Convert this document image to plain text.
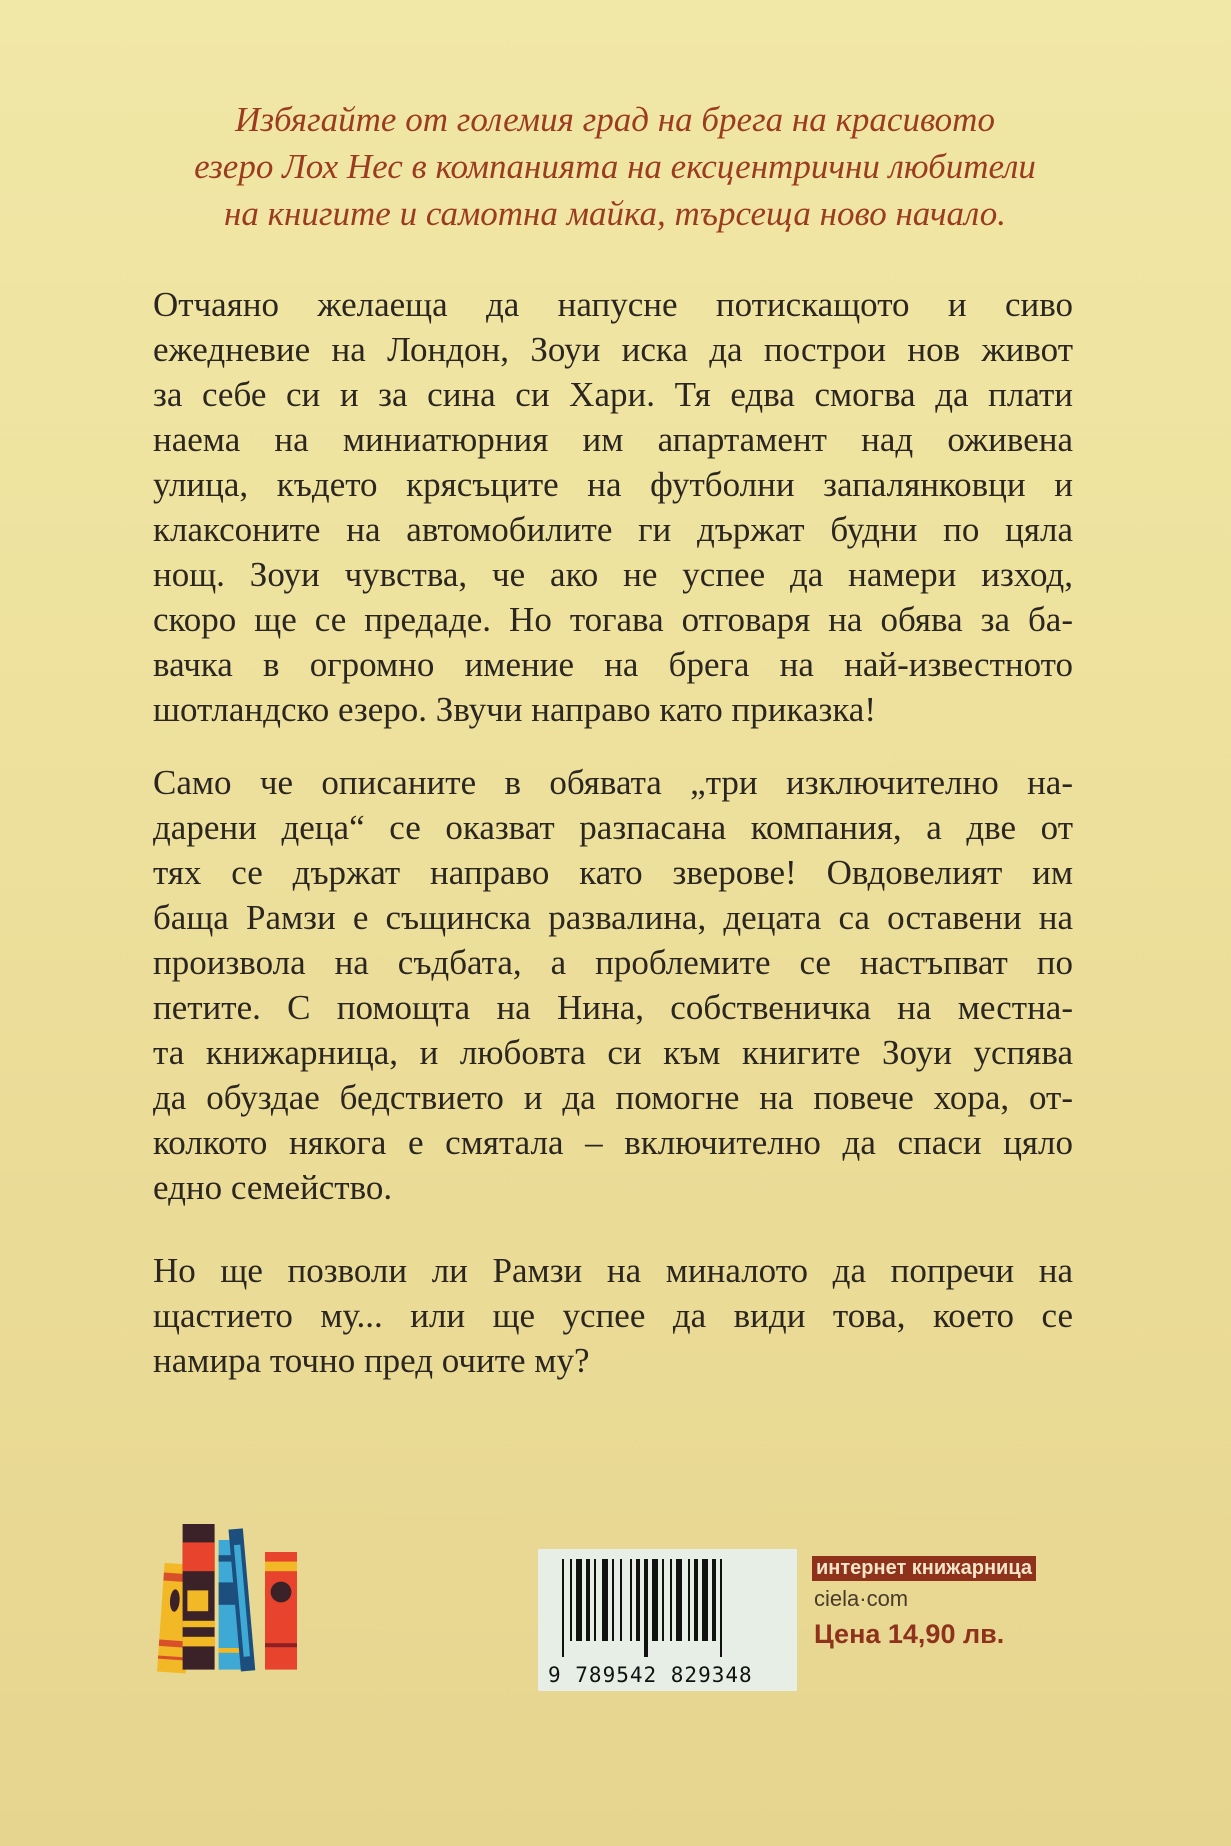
Избягайте от големия град на брега на красивото
езеро Лох Нес в компанията на ексцентрични любители
на книгите и самотна майка, търсеща ново начало.
Отчаяно желаеща да напусне потискащото и сиво
ежедневие на Лондон, Зоуи иска да построи нов живот
за себе си и за сина си Хари. Тя едва смогва да плати
наема на миниатюрния им апартамент над оживена
улица, където крясъците на футболни запалянковци и
клаксоните на автомобилите ги държат будни по цяла
нощ. Зоуи чувства, че ако не успее да намери изход,
скоро ще се предаде. Но тогава отговаря на обява за ба-
вачка в огромно имение на брега на най-известното
шотландско езеро. Звучи направо като приказка!
Само че описаните в обявата „три изключително на-
дарени деца“ се оказват разпасана компания, а две от
тях се държат направо като зверове! Овдовелият им
баща Рамзи е същинска развалина, децата са оставени на
произвола на съдбата, а проблемите се настъпват по
петите. С помощта на Нина, собственичка на местна-
та книжарница, и любовта си към книгите Зоуи успява
да обуздае бедствието и да помогне на повече хора, от-
колкото някога е смятала – включително да спаси цяло
едно семейство.
Но ще позволи ли Рамзи на миналото да попречи на
щастието му... или ще успее да види това, което се
намира точно пред очите му?
9 789542 829348
интернет книжарница
ciela·com
Цена 14,90 лв.
